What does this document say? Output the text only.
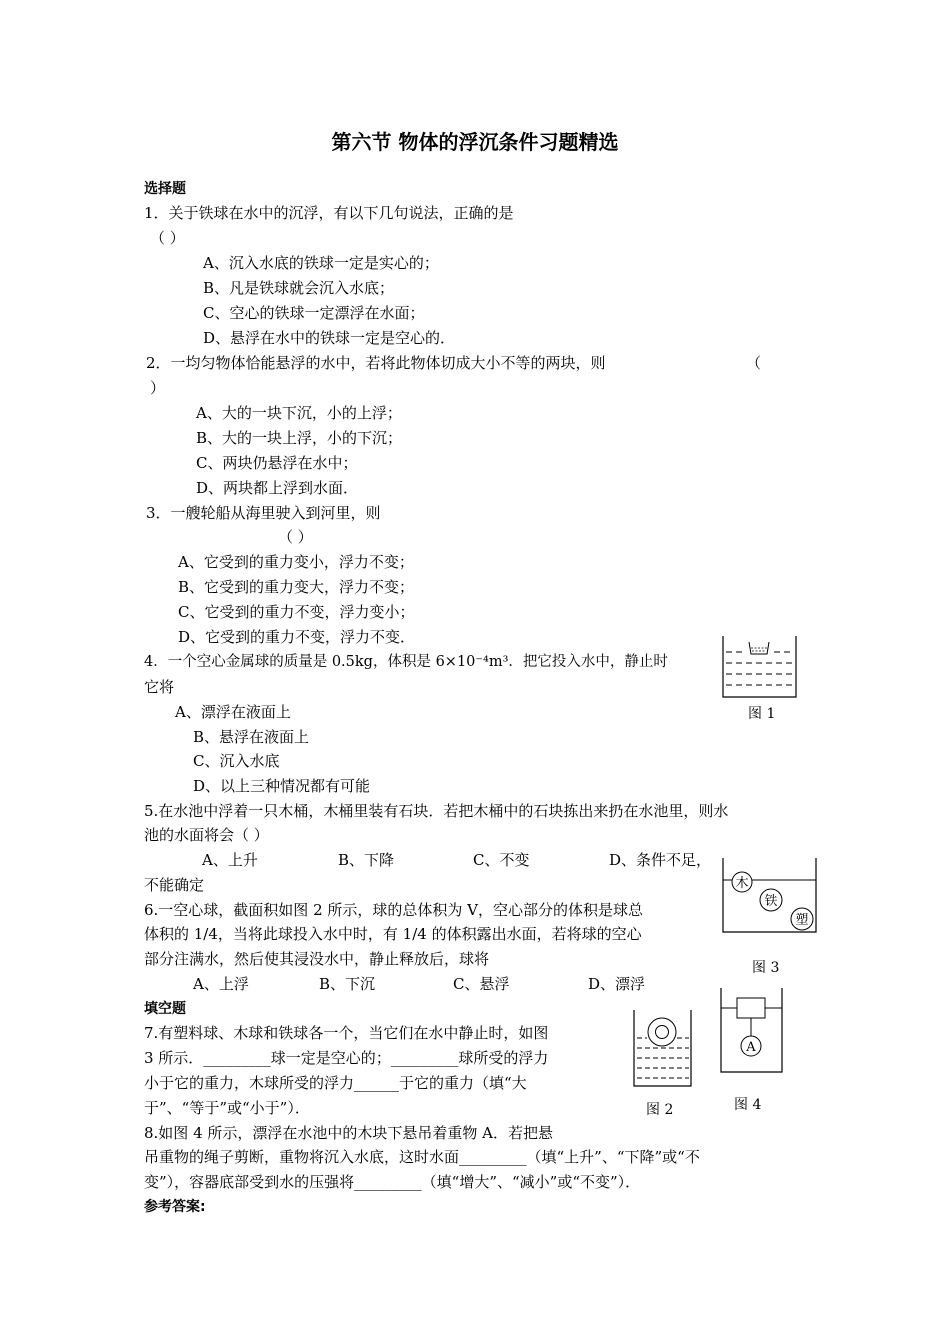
第六节 物体的浮沉条件习题精选
选择题
1．关于铁球在水中的沉浮，有以下几句说法，正确的是
（ ）
A、沉入水底的铁球一定是实心的；
B、凡是铁球就会沉入水底；
C、空心的铁球一定漂浮在水面；
D、悬浮在水中的铁球一定是空心的．
2．一均匀物体恰能悬浮的水中，若将此物体切成大小不等的两块，则	（
）
A、大的一块下沉，小的上浮；
B、大的一块上浮，小的下沉；
C、两块仍悬浮在水中；
D、两块都上浮到水面．
3．一艘轮船从海里驶入到河里，则
（ ）
A、它受到的重力变小，浮力不变；
B、它受到的重力变大，浮力不变；
C、它受到的重力不变，浮力变小；
D、它受到的重力不变，浮力不变．
4．一个空心金属球的质量是 0.5kg，体积是 6×10⁻⁴m³．把它投入水中，静止时
它将
A、漂浮在液面上
B、悬浮在液面上
C、沉入水底
D、以上三种情况都有可能
图 1
5.在水池中浮着一只木桶，木桶里装有石块．若把木桶中的石块拣出来扔在水池里，则水
池的水面将会（ ）
A、上升	B、下降	C、不变	D、条件不足，
不能确定	木
铁
塑
图 3
6.一空心球，截面积如图 2 所示，球的总体积为 V，空心部分的体积是球总
体积的 1/4，当将此球投入水中时，有 1/4 的体积露出水面，若将球的空心
部分注满水，然后使其浸没水中，静止释放后，球将
A、上浮	B、下沉	C、悬浮	D、漂浮
填空题
图 2
A
图 4
7.有塑料球、木球和铁球各一个，当它们在水中静止时，如图
3 所示．_________球一定是空心的；_________球所受的浮力
小于它的重力，木球所受的浮力______于它的重力（填“大
于”、“等于”或“小于”）．
8.如图 4 所示，漂浮在水池中的木块下悬吊着重物 A．若把悬
吊重物的绳子剪断，重物将沉入水底，这时水面_________（填“上升”、“下降”或“不
变”），容器底部受到水的压强将_________（填“增大”、“减小”或“不变”）．
参考答案:
